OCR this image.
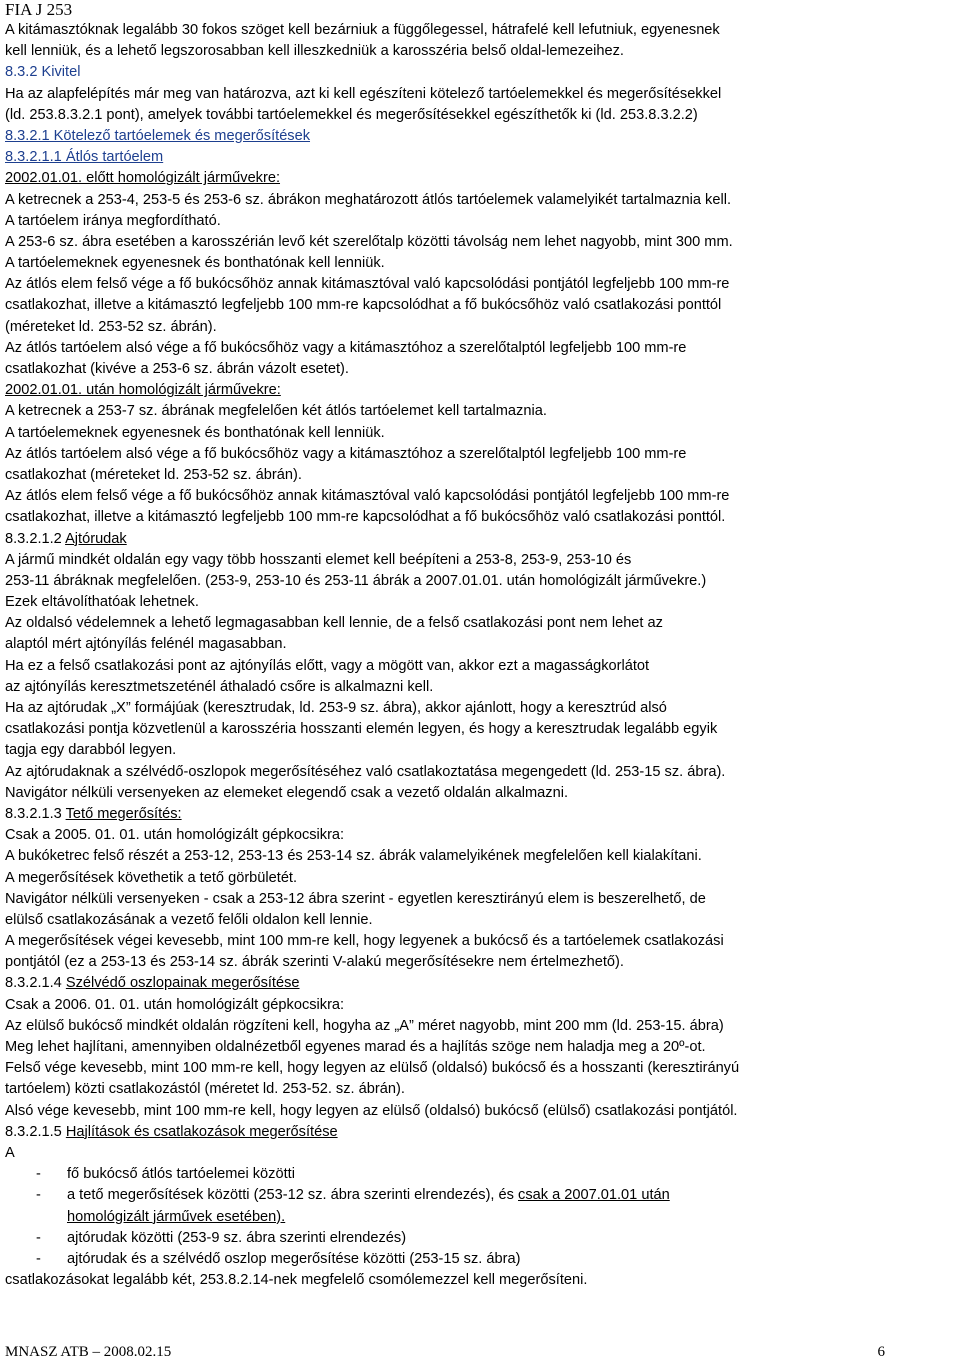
FIA J 253
A kitámasztóknak legalább 30 fokos szöget kell bezárniuk a függőlegessel, hátrafelé kell lefutniuk, egyenesnek
kell lenniük, és a lehető legszorosabban kell illeszkedniük a karosszéria belső oldal-lemezeihez.
8.3.2 Kivitel
Ha az alapfelépítés már meg van határozva, azt ki kell egészíteni kötelező tartóelemekkel és megerősítésekkel
(ld. 253.8.3.2.1 pont), amelyek további tartóelemekkel és megerősítésekkel egészíthetők ki (ld. 253.8.3.2.2)
8.3.2.1 Kötelező tartóelemek és megerősítések
8.3.2.1.1 Átlós tartóelem
2002.01.01. előtt homológizált járművekre:
A ketrecnek a 253-4, 253-5 és 253-6 sz. ábrákon meghatározott átlós tartóelemek valamelyikét tartalmaznia kell.
A tartóelem iránya megfordítható.
A 253-6 sz. ábra esetében a karosszérián levő két szerelőtalp közötti távolság nem lehet nagyobb, mint 300 mm.
A tartóelemeknek egyenesnek és bonthatónak kell lenniük.
Az átlós elem felső vége a fő bukócsőhöz annak kitámasztóval való kapcsolódási pontjától legfeljebb 100 mm-re
csatlakozhat, illetve a kitámasztó legfeljebb 100 mm-re kapcsolódhat a fő bukócsőhöz való csatlakozási ponttól
(méreteket ld. 253-52 sz. ábrán).
Az átlós tartóelem alsó vége a fő bukócsőhöz vagy a kitámasztóhoz a szerelőtalptól legfeljebb 100 mm-re
csatlakozhat (kivéve a 253-6 sz. ábrán vázolt esetet).
2002.01.01. után homológizált járművekre:
A ketrecnek a 253-7 sz. ábrának megfelelően két átlós tartóelemet kell tartalmaznia.
A tartóelemeknek egyenesnek és bonthatónak kell lenniük.
Az átlós tartóelem alsó vége a fő bukócsőhöz vagy a kitámasztóhoz a szerelőtalptól legfeljebb 100 mm-re
csatlakozhat (méreteket ld. 253-52 sz. ábrán).
Az átlós elem felső vége a fő bukócsőhöz annak kitámasztóval való kapcsolódási pontjától legfeljebb 100 mm-re
csatlakozhat, illetve a kitámasztó legfeljebb 100 mm-re kapcsolódhat a fő bukócsőhöz való csatlakozási ponttól.
8.3.2.1.2 Ajtórudak
A jármű mindkét oldalán egy vagy több hosszanti elemet kell beépíteni a 253-8, 253-9, 253-10 és
253-11 ábráknak megfelelően. (253-9, 253-10 és 253-11 ábrák a 2007.01.01. után homológizált járművekre.)
Ezek eltávolíthatóak lehetnek.
Az oldalsó védelemnek a lehető legmagasabban kell lennie, de a felső csatlakozási pont nem lehet az
alaptól mért ajtónyílás felénél magasabban.
Ha ez a felső csatlakozási pont az ajtónyílás előtt, vagy a mögött van, akkor ezt a magasságkorlátot
az ajtónyílás keresztmetszeténél áthaladó csőre is alkalmazni kell.
Ha az ajtórudak „X” formájúak (keresztrudak, ld. 253-9 sz. ábra), akkor ajánlott, hogy a keresztrúd alsó
csatlakozási pontja közvetlenül a karosszéria hosszanti elemén legyen, és hogy a keresztrudak legalább egyik
tagja egy darabból legyen.
Az ajtórudaknak a szélvédő-oszlopok megerősítéséhez való csatlakoztatása megengedett (ld. 253-15 sz. ábra).
Navigátor nélküli versenyeken az elemeket elegendő csak a vezető oldalán alkalmazni.
8.3.2.1.3 Tető megerősítés:
Csak a 2005. 01. 01. után homológizált gépkocsikra:
A bukóketrec felső részét a 253-12, 253-13 és 253-14 sz. ábrák valamelyikének megfelelően kell kialakítani.
A megerősítések követhetik a tető görbületét.
Navigátor nélküli versenyeken - csak a 253-12 ábra szerint - egyetlen keresztirányú elem is beszerelhető, de
elülső csatlakozásának a vezető felőli oldalon kell lennie.
A megerősítések végei kevesebb, mint 100 mm-re kell, hogy legyenek a bukócső és a tartóelemek csatlakozási
pontjától (ez a 253-13 és 253-14 sz. ábrák szerinti V-alakú megerősítésekre nem értelmezhető).
8.3.2.1.4 Szélvédő oszlopainak megerősítése
Csak a 2006. 01. 01. után homológizált gépkocsikra:
Az elülső bukócső mindkét oldalán rögzíteni kell, hogyha az „A” méret nagyobb, mint 200 mm (ld. 253-15. ábra)
Meg lehet hajlítani, amennyiben oldalnézetből egyenes marad és a hajlítás szöge nem haladja meg a 20º-ot.
Felső vége kevesebb, mint 100 mm-re kell, hogy legyen az elülső (oldalsó) bukócső és a hosszanti (keresztirányú
tartóelem) közti csatlakozástól (méretet ld. 253-52. sz. ábrán).
Alsó vége kevesebb, mint 100 mm-re kell, hogy legyen az elülső (oldalsó) bukócső (elülső) csatlakozási pontjától.
8.3.2.1.5 Hajlítások és csatlakozások megerősítése
A
- fő bukócső átlós tartóelemei közötti
- a tető megerősítések közötti (253-12 sz. ábra szerinti elrendezés), és csak a 2007.01.01 után
homológizált járművek esetében).
- ajtórudak közötti (253-9 sz. ábra szerinti elrendezés)
- ajtórudak és a szélvédő oszlop megerősítése közötti (253-15 sz. ábra)
csatlakozásokat legalább két, 253.8.2.14-nek megfelelő csomólemezzel kell megerősíteni.
MNASZ ATB – 2008.02.15	6
